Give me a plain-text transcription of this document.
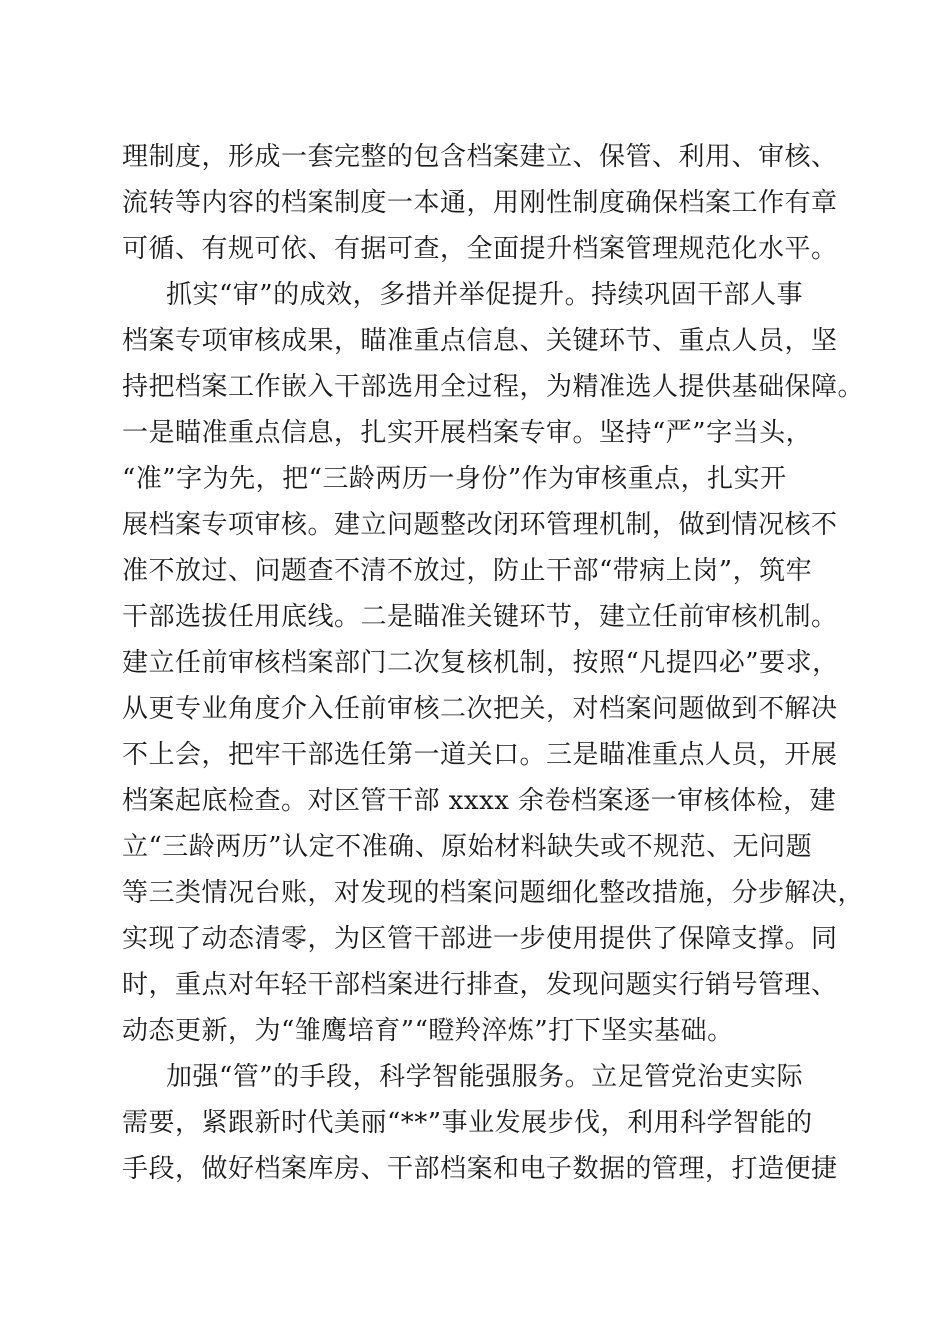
理制度，形成一套完整的包含档案建立、保管、利用、审核、
流转等内容的档案制度一本通，用刚性制度确保档案工作有章
可循、有规可依、有据可查，全面提升档案管理规范化水平。
抓实“审”的成效，多措并举促提升。持续巩固干部人事
档案专项审核成果，瞄准重点信息、关键环节、重点人员，坚
持把档案工作嵌入干部选用全过程，为精准选人提供基础保障。
一是瞄准重点信息，扎实开展档案专审。坚持“严”字当头，
“准”字为先，把“三龄两历一身份”作为审核重点，扎实开
展档案专项审核。建立问题整改闭环管理机制，做到情况核不
准不放过、问题查不清不放过，防止干部“带病上岗”，筑牢
干部选拔任用底线。二是瞄准关键环节，建立任前审核机制。
建立任前审核档案部门二次复核机制，按照“凡提四必”要求，
从更专业角度介入任前审核二次把关，对档案问题做到不解决
不上会，把牢干部选任第一道关口。三是瞄准重点人员，开展
档案起底检查。对区管干部 xxxx 余卷档案逐一审核体检，建
立“三龄两历”认定不准确、原始材料缺失或不规范、无问题
等三类情况台账，对发现的档案问题细化整改措施，分步解决，
实现了动态清零，为区管干部进一步使用提供了保障支撑。同
时，重点对年轻干部档案进行排查，发现问题实行销号管理、
动态更新，为“雏鹰培育”“瞪羚淬炼”打下坚实基础。
加强“管”的手段，科学智能强服务。立足管党治吏实际
需要，紧跟新时代美丽“**”事业发展步伐，利用科学智能的
手段，做好档案库房、干部档案和电子数据的管理，打造便捷
